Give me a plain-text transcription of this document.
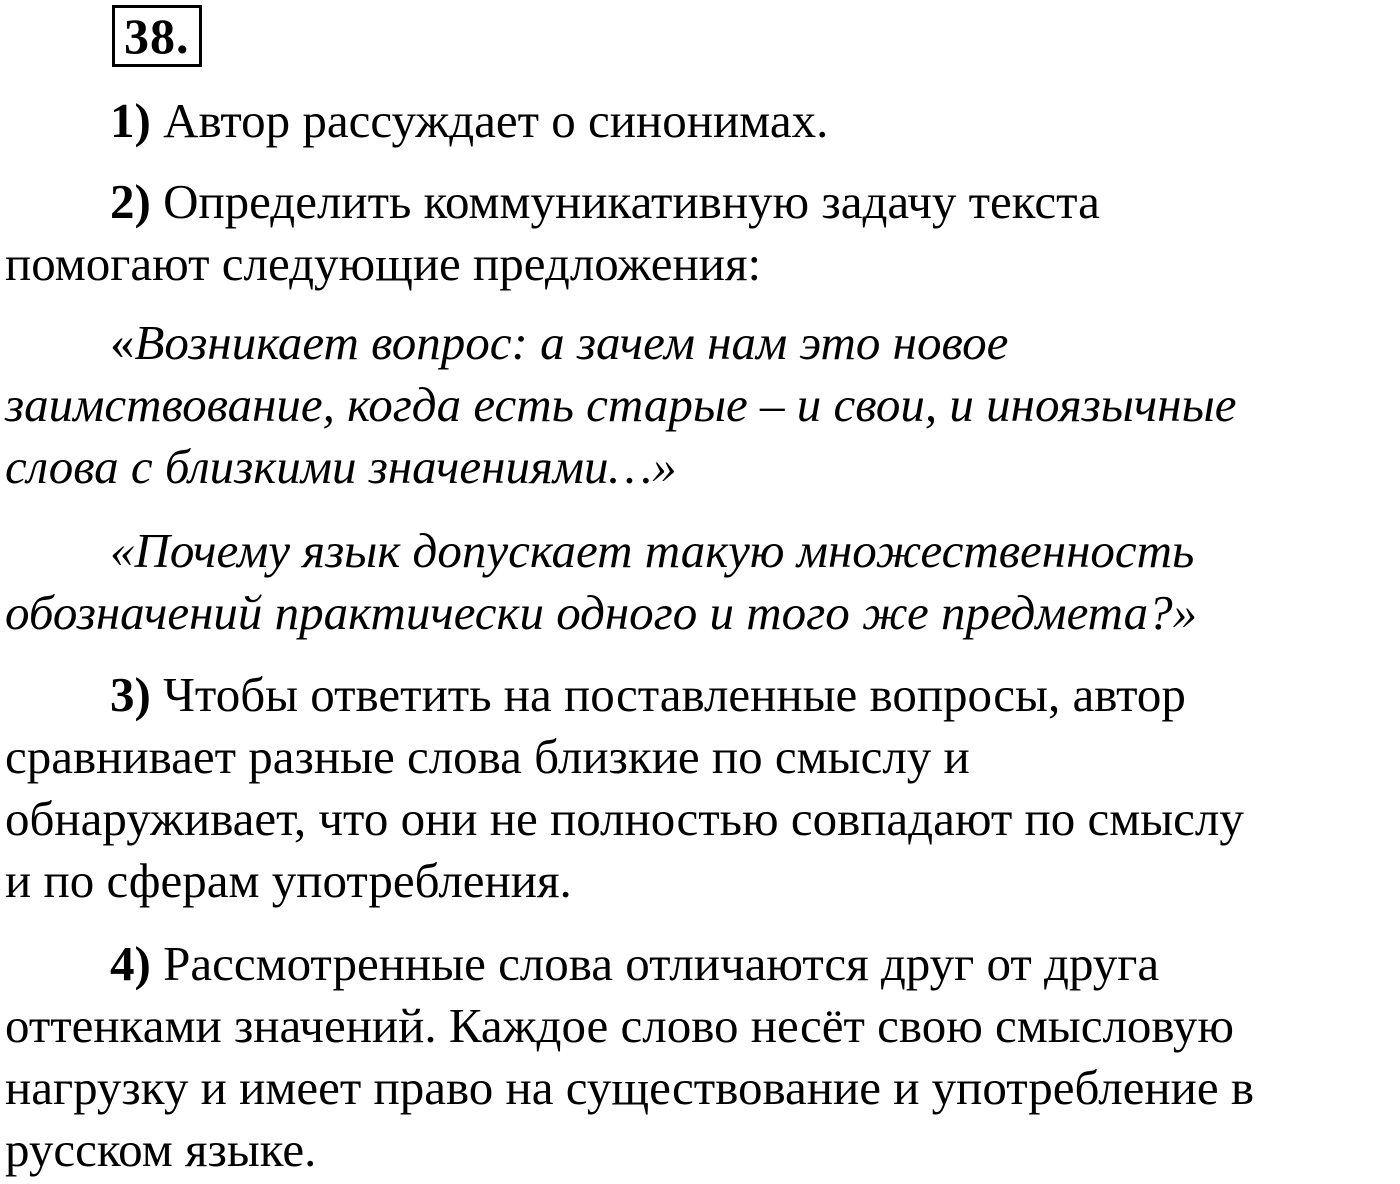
38.
1) Автор рассуждает о синонимах.
2) Определить коммуникативную задачу текста
помогают следующие предложения:
«Возникает вопрос: а зачем нам это новое
заимствование, когда есть старые – и свои, и иноязычные
слова с близкими значениями…»
«Почему язык допускает такую множественность
обозначений практически одного и того же предмета?»
3) Чтобы ответить на поставленные вопросы, автор
сравнивает разные слова близкие по смыслу и
обнаруживает, что они не полностью совпадают по смыслу
и по сферам употребления.
4) Рассмотренные слова отличаются друг от друга
оттенками значений. Каждое слово несёт свою смысловую
нагрузку и имеет право на существование и употребление в
русском языке.
